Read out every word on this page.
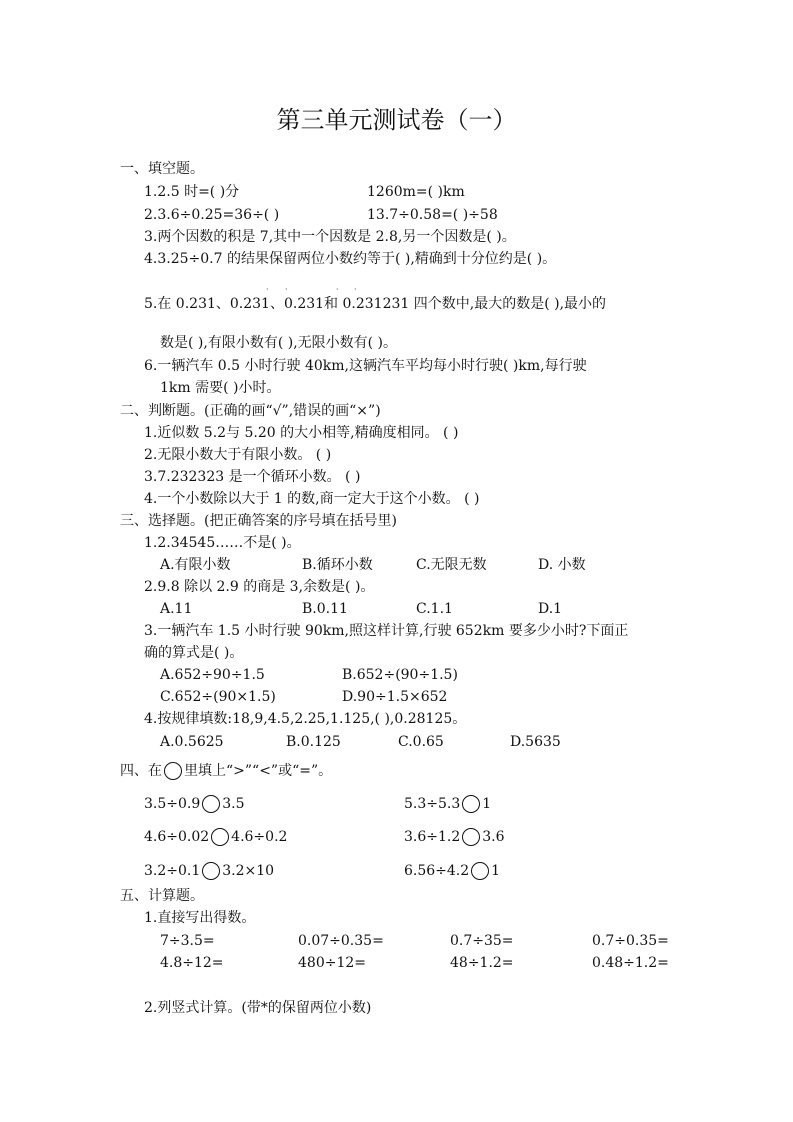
第三单元测试卷（一）
一、填空题。
1.2.5 时=( )分	1260m=( )km
2.3.6÷0.25=36÷( )	13.7÷0.58=( )÷58
3.两个因数的积是 7,其中一个因数是 2.8,另一个因数是( )。
4.3.25÷0.7 的结果保留两位小数约等于( ),精确到十分位约是( )。
· ·	· ·
5.在 0.231、0.231、0.231和 0.231231 四个数中,最大的数是( ),最小的
数是( ),有限小数有( ),无限小数有( )。
6.一辆汽车 0.5 小时行驶 40km,这辆汽车平均每小时行驶( )km,每行驶
1km 需要( )小时。
二、判断题。(正确的画“√”,错误的画“×”)
1.近似数 5.2与 5.20 的大小相等,精确度相同。 ( )
2.无限小数大于有限小数。 ( )
3.7.232323 是一个循环小数。 ( )
4.一个小数除以大于 1 的数,商一定大于这个小数。 ( )
三、选择题。(把正确答案的序号填在括号里)
1.2.34545……不是( )。
A.有限小数	B.循环小数	C.无限无数	D. 小数
2.9.8 除以 2.9 的商是 3,余数是( )。
A.11	B.0.11	C.1.1	D.1
3.一辆汽车 1.5 小时行驶 90km,照这样计算,行驶 652km 要多少小时?下面正
确的算式是( )。
A.652÷90÷1.5	B.652÷(90÷1.5)
C.652÷(90×1.5)	D.90÷1.5×652
4.按规律填数:18,9,4.5,2.25,1.125,( ),0.28125。
A.0.5625	B.0.125	C.0.65	D.5635
四、在 里填上“>”“<”或“=”。
3.5÷0.9 3.5	5.3÷5.3 1
4.6÷0.02 4.6÷0.2	3.6÷1.2 3.6
3.2÷0.1 3.2×10	6.56÷4.2 1
五、计算题。
1.直接写出得数。
7÷3.5=	0.07÷0.35=	0.7÷35=	0.7÷0.35=
4.8÷12=	480÷12=	48÷1.2=	0.48÷1.2=
2.列竖式计算。(带*的保留两位小数)
